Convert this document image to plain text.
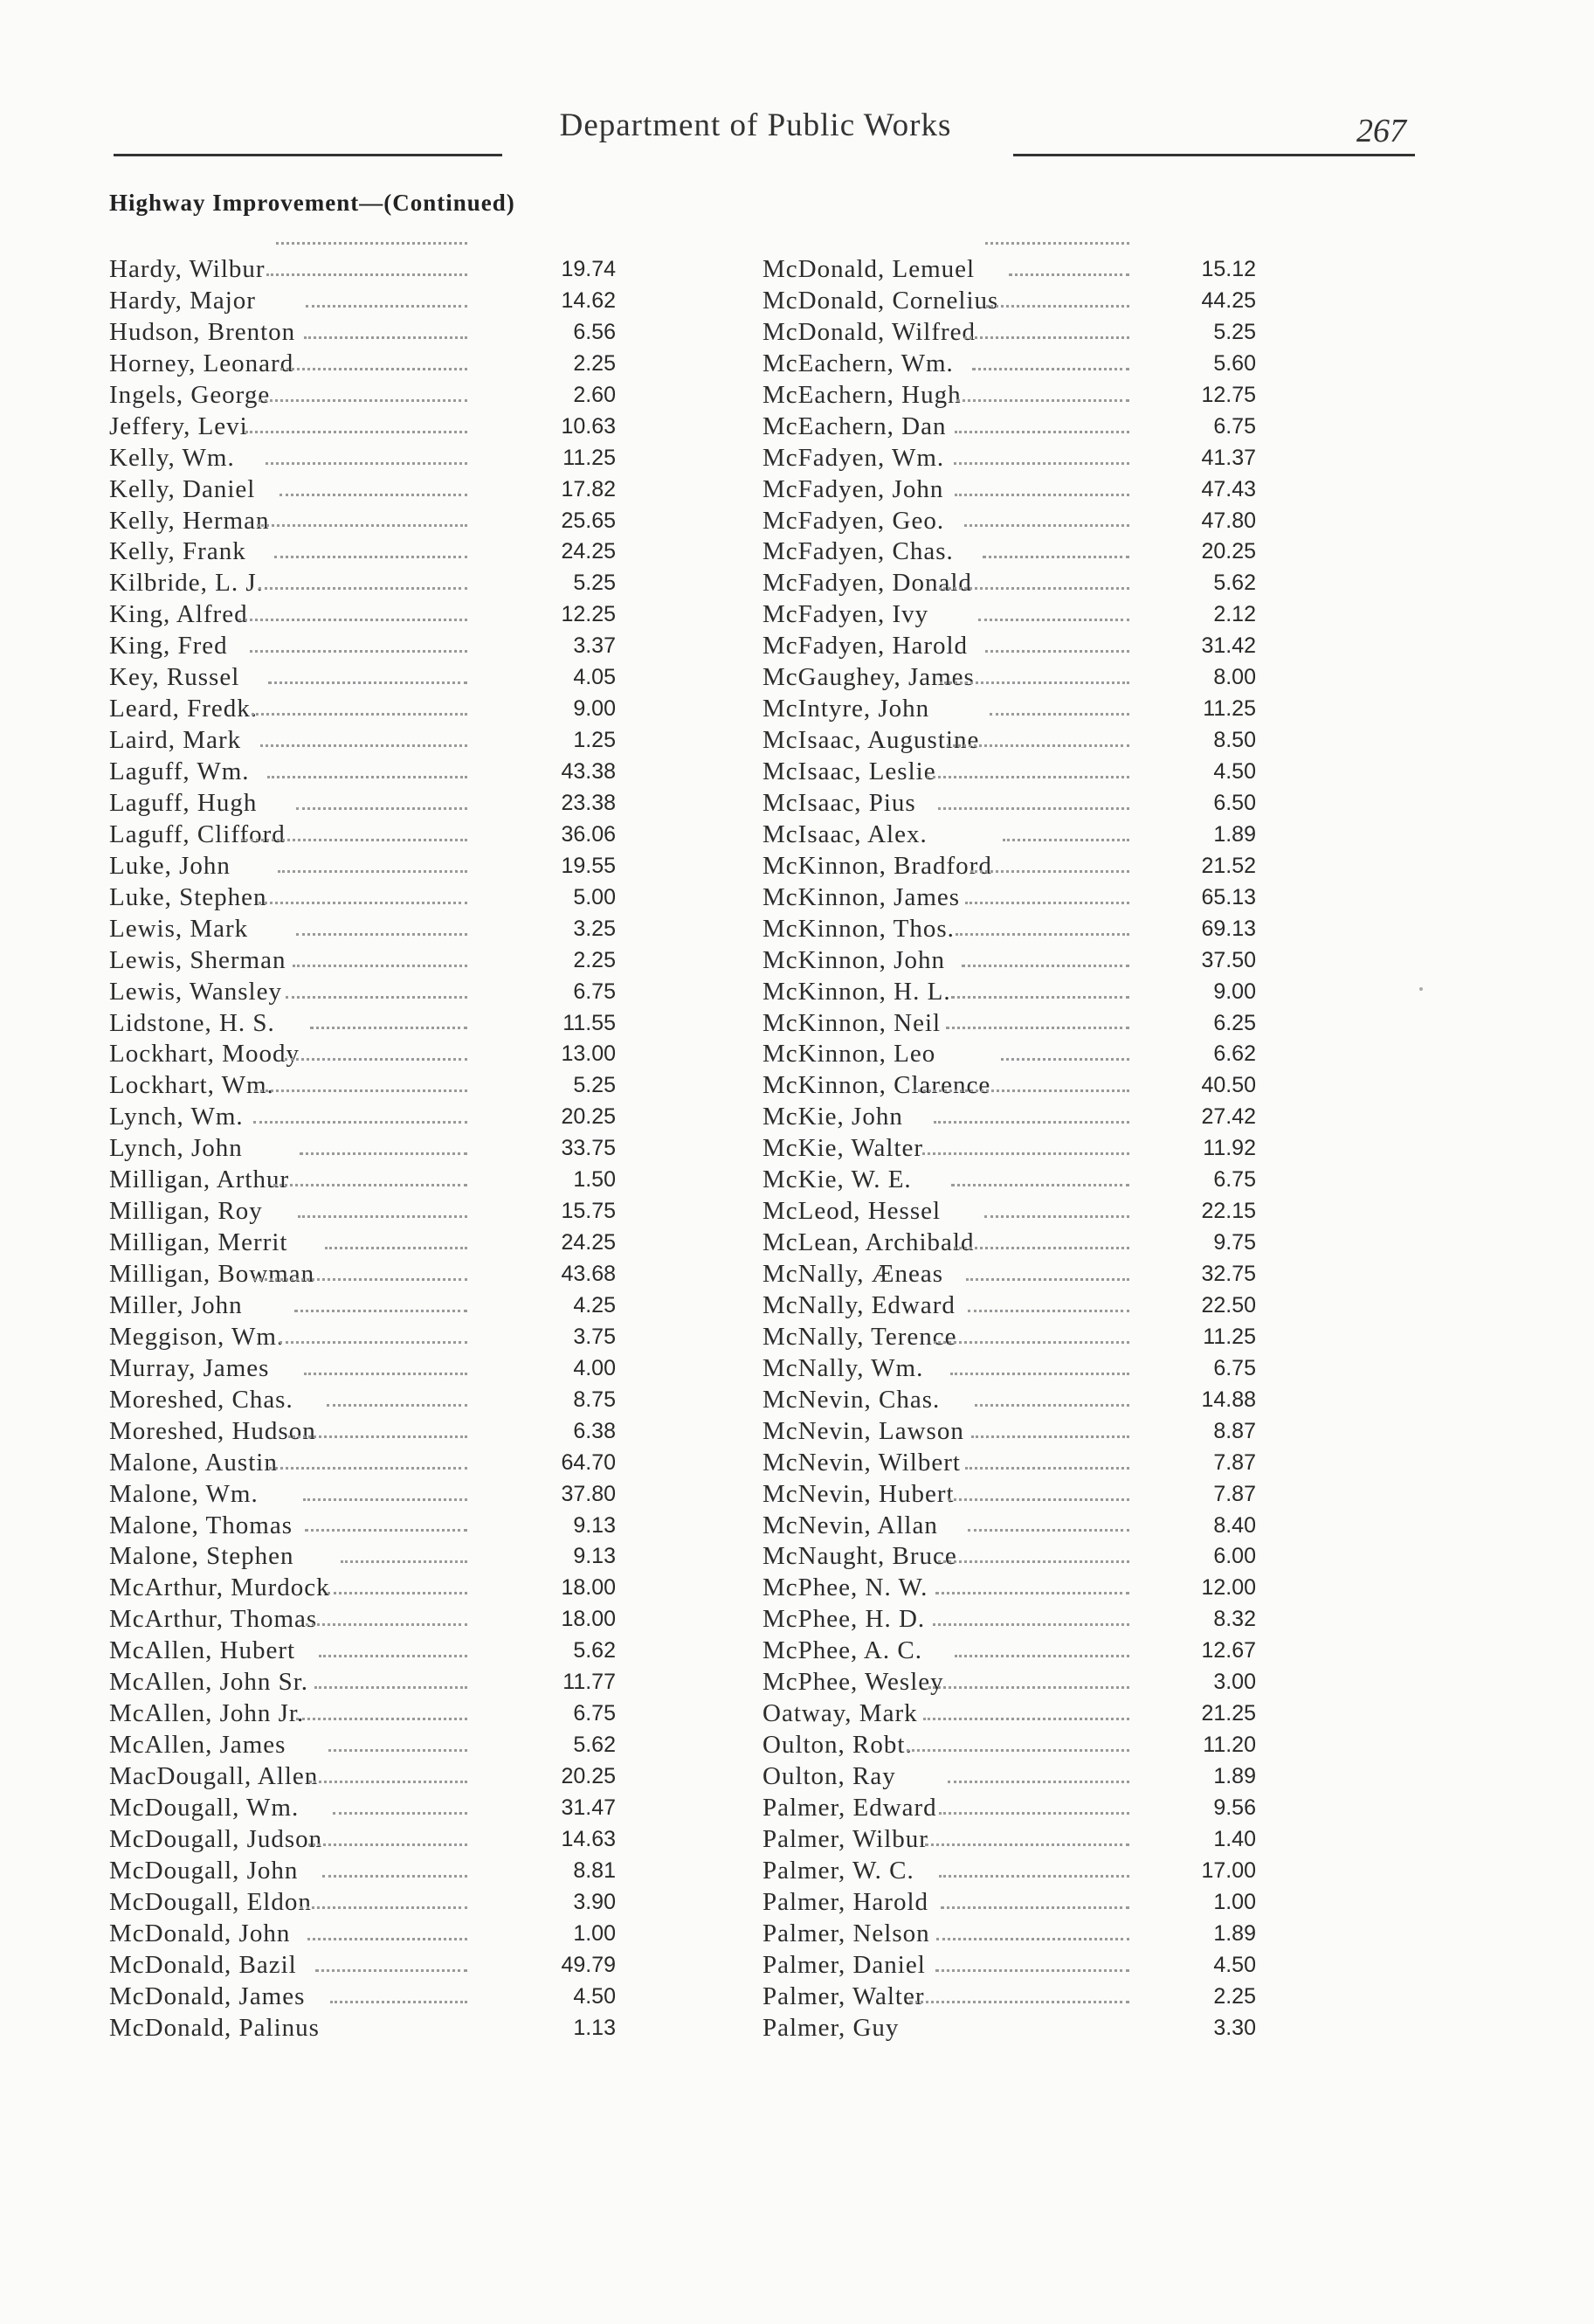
Department of Public Works	267
Highway Improvement—(Continued)
Hardy, Wilbur	19.74
Hardy, Major	14.62
Hudson, Brenton	6.56
Horney, Leonard	2.25
Ingels, George	2.60
Jeffery, Levi	10.63
Kelly, Wm.	11.25
Kelly, Daniel	17.82
Kelly, Herman	25.65
Kelly, Frank	24.25
Kilbride, L. J.	5.25
King, Alfred	12.25
King, Fred	3.37
Key, Russel	4.05
Leard, Fredk.	9.00
Laird, Mark	1.25
Laguff, Wm.	43.38
Laguff, Hugh	23.38
Laguff, Clifford	36.06
Luke, John	19.55
Luke, Stephen	5.00
Lewis, Mark	3.25
Lewis, Sherman	2.25
Lewis, Wansley	6.75
Lidstone, H. S.	11.55
Lockhart, Moody	13.00
Lockhart, Wm.	5.25
Lynch, Wm.	20.25
Lynch, John	33.75
Milligan, Arthur	1.50
Milligan, Roy	15.75
Milligan, Merrit	24.25
Milligan, Bowman	43.68
Miller, John	4.25
Meggison, Wm.	3.75
Murray, James	4.00
Moreshed, Chas.	8.75
Moreshed, Hudson	6.38
Malone, Austin	64.70
Malone, Wm.	37.80
Malone, Thomas	9.13
Malone, Stephen	9.13
McArthur, Murdock	18.00
McArthur, Thomas	18.00
McAllen, Hubert	5.62
McAllen, John Sr.	11.77
McAllen, John Jr.	6.75
McAllen, James	5.62
MacDougall, Allen	20.25
McDougall, Wm.	31.47
McDougall, Judson	14.63
McDougall, John	8.81
McDougall, Eldon	3.90
McDonald, John	1.00
McDonald, Bazil	49.79
McDonald, James	4.50
McDonald, Palinus	1.13
McDonald, Lemuel	15.12
McDonald, Cornelius	44.25
McDonald, Wilfred	5.25
McEachern, Wm.	5.60
McEachern, Hugh	12.75
McEachern, Dan	6.75
McFadyen, Wm.	41.37
McFadyen, John	47.43
McFadyen, Geo.	47.80
McFadyen, Chas.	20.25
McFadyen, Donald	5.62
McFadyen, Ivy	2.12
McFadyen, Harold	31.42
McGaughey, James	8.00
McIntyre, John	11.25
McIsaac, Augustine	8.50
McIsaac, Leslie	4.50
McIsaac, Pius	6.50
McIsaac, Alex.	1.89
McKinnon, Bradford	21.52
McKinnon, James	65.13
McKinnon, Thos.	69.13
McKinnon, John	37.50
McKinnon, H. L.	9.00
McKinnon, Neil	6.25
McKinnon, Leo	6.62
McKinnon, Clarence	40.50
McKie, John	27.42
McKie, Walter	11.92
McKie, W. E.	6.75
McLeod, Hessel	22.15
McLean, Archibald	9.75
McNally, Æneas	32.75
McNally, Edward	22.50
McNally, Terence	11.25
McNally, Wm.	6.75
McNevin, Chas.	14.88
McNevin, Lawson	8.87
McNevin, Wilbert	7.87
McNevin, Hubert	7.87
McNevin, Allan	8.40
McNaught, Bruce	6.00
McPhee, N. W.	12.00
McPhee, H. D.	8.32
McPhee, A. C.	12.67
McPhee, Wesley	3.00
Oatway, Mark	21.25
Oulton, Robt.	11.20
Oulton, Ray	1.89
Palmer, Edward	9.56
Palmer, Wilbur	1.40
Palmer, W. C.	17.00
Palmer, Harold	1.00
Palmer, Nelson	1.89
Palmer, Daniel	4.50
Palmer, Walter	2.25
Palmer, Guy	3.30
